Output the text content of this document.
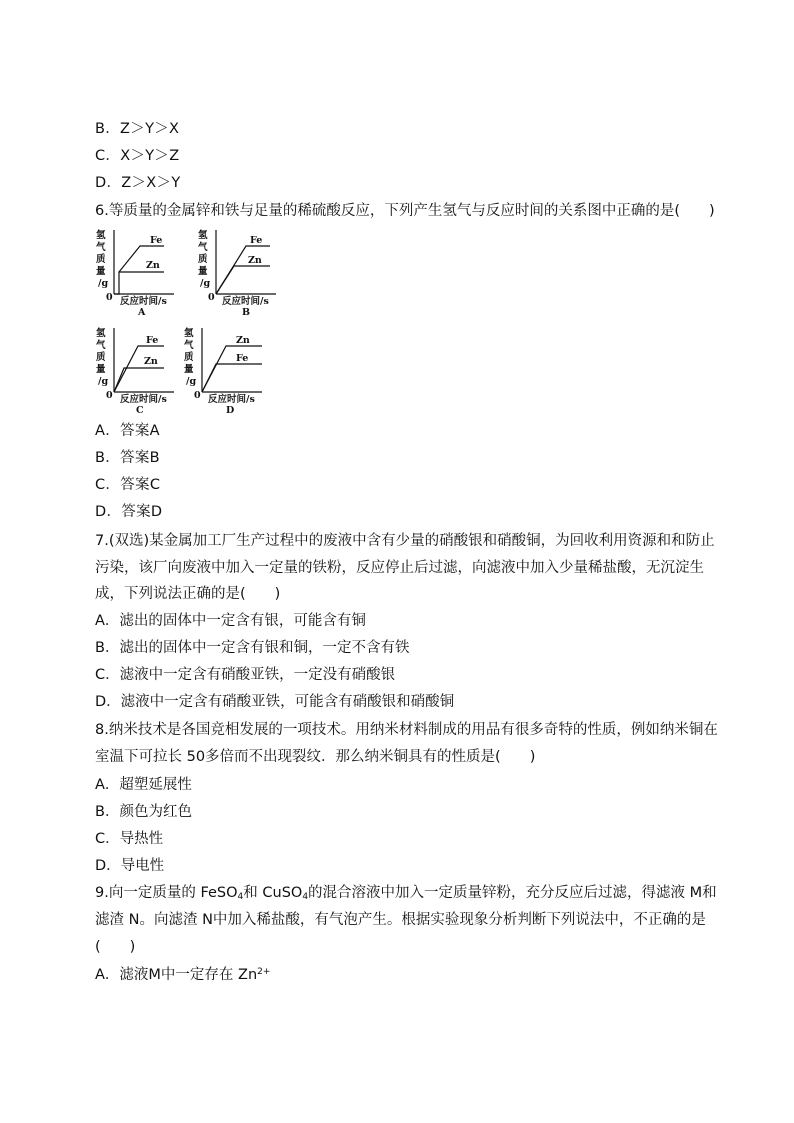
B．Z＞Y＞X
C．X＞Y＞Z
D．Z＞X＞Y
6.等质量的金属锌和铁与足量的稀硫酸反应，下列产生氢气与反应时间的关系图中正确的是(　　)
氢
气
质
量
/g
0
Fe
Zn
反应时间/s
A
氢
气
质
量
/g
0
Fe
Zn
反应时间/s
B
氢
气
质
量
/g
0
Fe
Zn
反应时间/s
C
氢
气
质
量
/g
0
Zn
Fe
反应时间/s
D
A．答案A
B．答案B
C．答案C
D．答案D
7.(双选)某金属加工厂生产过程中的废液中含有少量的硝酸银和硝酸铜，为回收利用资源和和防止
污染，该厂向废液中加入一定量的铁粉，反应停止后过滤，向滤液中加入少量稀盐酸，无沉淀生
成，下列说法正确的是(　　)
A．滤出的固体中一定含有银，可能含有铜
B．滤出的固体中一定含有银和铜，一定不含有铁
C．滤液中一定含有硝酸亚铁，一定没有硝酸银
D．滤液中一定含有硝酸亚铁，可能含有硝酸银和硝酸铜
8.纳米技术是各国竞相发展的一项技术。用纳米材料制成的用品有很多奇特的性质，例如纳米铜在
室温下可拉长 50多倍而不出现裂纹．那么纳米铜具有的性质是(　　)
A．超塑延展性
B．颜色为红色
C．导热性
D．导电性
9.向一定质量的 FeSO$_4$和 CuSO$_4$的混合溶液中加入一定质量锌粉，充分反应后过滤，得滤液 M和
滤渣 N。向滤渣 N中加入稀盐酸，有气泡产生。根据实验现象分析判断下列说法中，不正确的是
(　　)
A．滤液M中一定存在 $Zn^{2+}$
